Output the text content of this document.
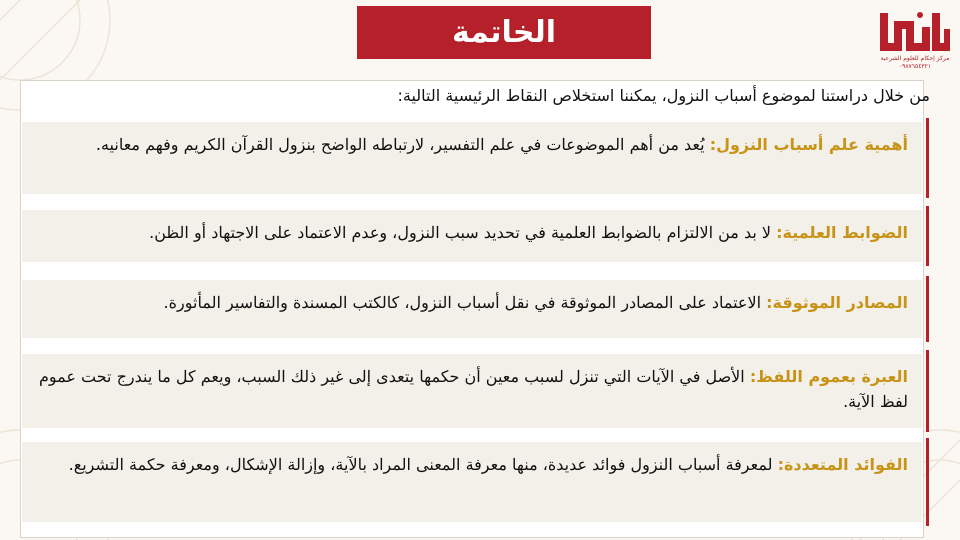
الخاتمة
مركز إحكام للعلوم الشرعية
٠٩٨٧٦٥٤٣٢١
من خلال دراستنا لموضوع أسباب النزول، يمكننا استخلاص النقاط الرئيسية التالية:
أهمية علم أسباب النزول: يُعد من أهم الموضوعات في علم التفسير، لارتباطه الواضح بنزول القرآن الكريم وفهم معانيه.
الضوابط العلمية: لا بد من الالتزام بالضوابط العلمية في تحديد سبب النزول، وعدم الاعتماد على الاجتهاد أو الظن.
المصادر الموثوقة: الاعتماد على المصادر الموثوقة في نقل أسباب النزول، كالكتب المسندة والتفاسير المأثورة.
العبرة بعموم اللفظ: الأصل في الآيات التي تنزل لسبب معين أن حكمها يتعدى إلى غير ذلك السبب، ويعم كل ما يندرج تحت عموم لفظ الآية.
الفوائد المتعددة: لمعرفة أسباب النزول فوائد عديدة، منها معرفة المعنى المراد بالآية، وإزالة الإشكال، ومعرفة حكمة التشريع.
